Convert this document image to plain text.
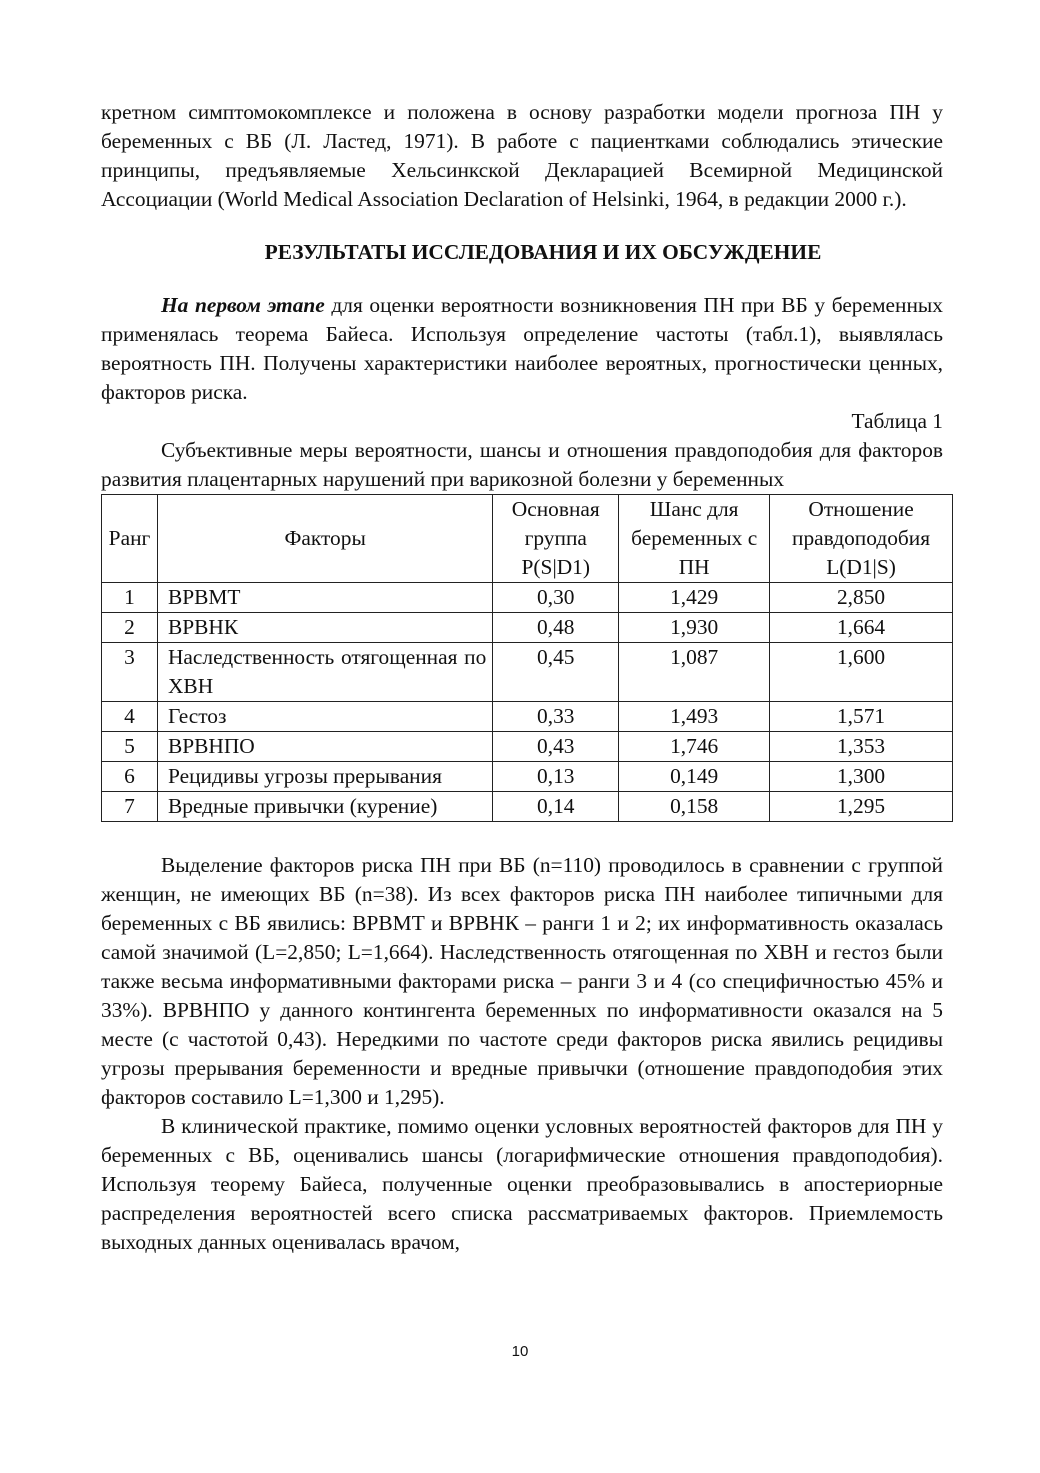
кретном симптомокомплексе и положена в основу разработки модели прогноза ПН у беременных с ВБ (Л. Ластед, 1971). В работе с пациентками соблюдались этические принципы, предъявляемые Хельсинкской Декларацией Всемирной Медицинской Ассоциации (World Medical Association Declaration of Helsinki, 1964, в редакции 2000 г.).

РЕЗУЛЬТАТЫ ИССЛЕДОВАНИЯ И ИХ ОБСУЖДЕНИЕ

На первом этапе для оценки вероятности возникновения ПН при ВБ у беременных применялась теорема Байеса. Используя определение частоты (табл.1), выявлялась вероятность ПН. Получены характеристики наиболее вероятных, прогностически ценных, факторов риска.

Таблица 1

Субъективные меры вероятности, шансы и отношения правдоподобия для факторов развития плацентарных нарушений при варикозной болезни у беременных

Ранг	Факторы	Основная группа P(S|D1)	Шанс для беременных с ПН	Отношение правдоподобия L(D1|S)
1	ВРВМТ	0,30	1,429	2,850
2	ВРВНК	0,48	1,930	1,664
3	Наследственность отягощенная по ХВН	0,45	1,087	1,600
4	Гестоз	0,33	1,493	1,571
5	ВРВНПО	0,43	1,746	1,353
6	Рецидивы угрозы прерывания	0,13	0,149	1,300
7	Вредные привычки (курение)	0,14	0,158	1,295

Выделение факторов риска ПН при ВБ (n=110) проводилось в сравнении с группой женщин, не имеющих ВБ (n=38). Из всех факторов риска ПН наиболее типичными для беременных с ВБ явились: ВРВМТ и ВРВНК – ранги 1 и 2; их информативность оказалась самой значимой (L=2,850; L=1,664). Наследственность отягощенная по ХВН и гестоз были также весьма информативными факторами риска – ранги 3 и 4 (со специфичностью 45% и 33%). ВРВНПО у данного контингента беременных по информативности оказался на 5 месте (с частотой 0,43). Нередкими по частоте среди факторов риска явились рецидивы угрозы прерывания беременности и вредные привычки (отношение правдоподобия этих факторов составило L=1,300 и 1,295).

В клинической практике, помимо оценки условных вероятностей факторов для ПН у беременных с ВБ, оценивались шансы (логарифмические отношения правдоподобия). Используя теорему Байеса, полученные оценки преобразовывались в апостериорные распределения вероятностей всего списка рассматриваемых факторов. Приемлемость выходных данных оценивалась врачом,

10
